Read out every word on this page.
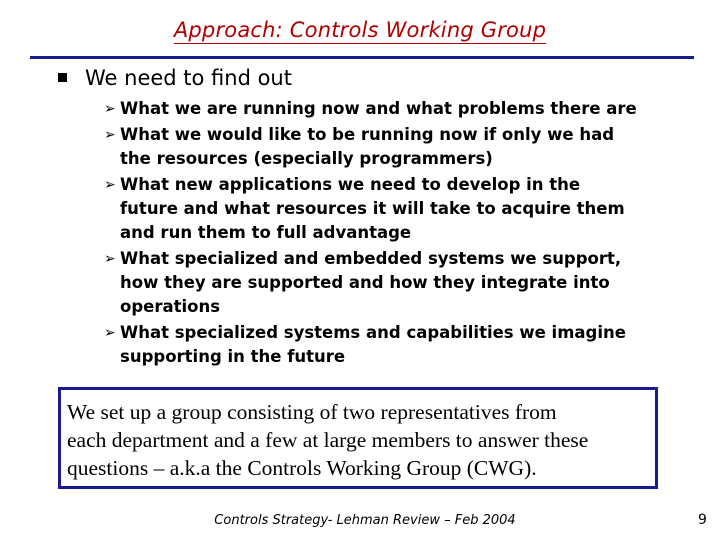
Approach: Controls Working Group
We need to find out
➢ What we are running now and what problems there are
➢ What we would like to be running now if only we had
the resources (especially programmers)
➢ What new applications we need to develop in the
future and what resources it will take to acquire them
and run them to full advantage
➢ What specialized and embedded systems we support,
how they are supported and how they integrate into
operations
➢ What specialized systems and capabilities we imagine
supporting in the future
We set up a group consisting of two representatives from
each department and a few at large members to answer these
questions – a.k.a the Controls Working Group (CWG).
Controls Strategy- Lehman Review – Feb 2004	9
